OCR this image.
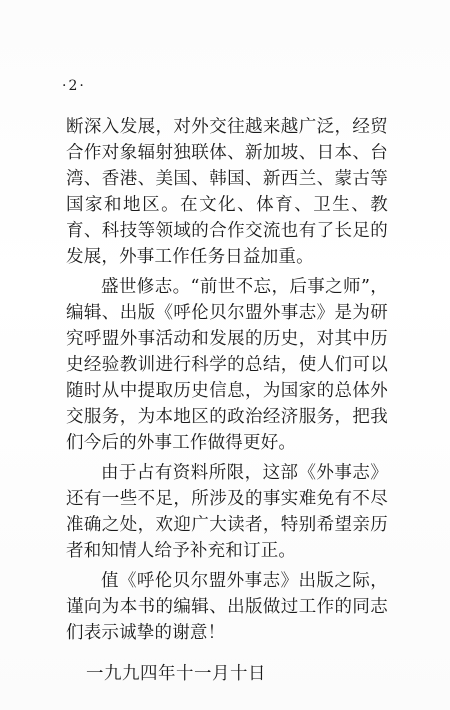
·2·

断深入发展，对外交往越来越广泛，经贸合作对象辐射独联体、新加坡、日本、台湾、香港、美国、韩国、新西兰、蒙古等国家和地区。在文化、体育、卫生、教育、科技等领域的合作交流也有了长足的发展，外事工作任务日益加重。

盛世修志。“前世不忘，后事之师”，编辑、出版《呼伦贝尔盟外事志》是为研究呼盟外事活动和发展的历史，对其中历史经验教训进行科学的总结，使人们可以随时从中提取历史信息，为国家的总体外交服务，为本地区的政治经济服务，把我们今后的外事工作做得更好。

由于占有资料所限，这部《外事志》还有一些不足，所涉及的事实难免有不尽准确之处，欢迎广大读者，特别希望亲历者和知情人给予补充和订正。

值《呼伦贝尔盟外事志》出版之际，谨向为本书的编辑、出版做过工作的同志们表示诚挚的谢意！

一九九四年十一月十日
